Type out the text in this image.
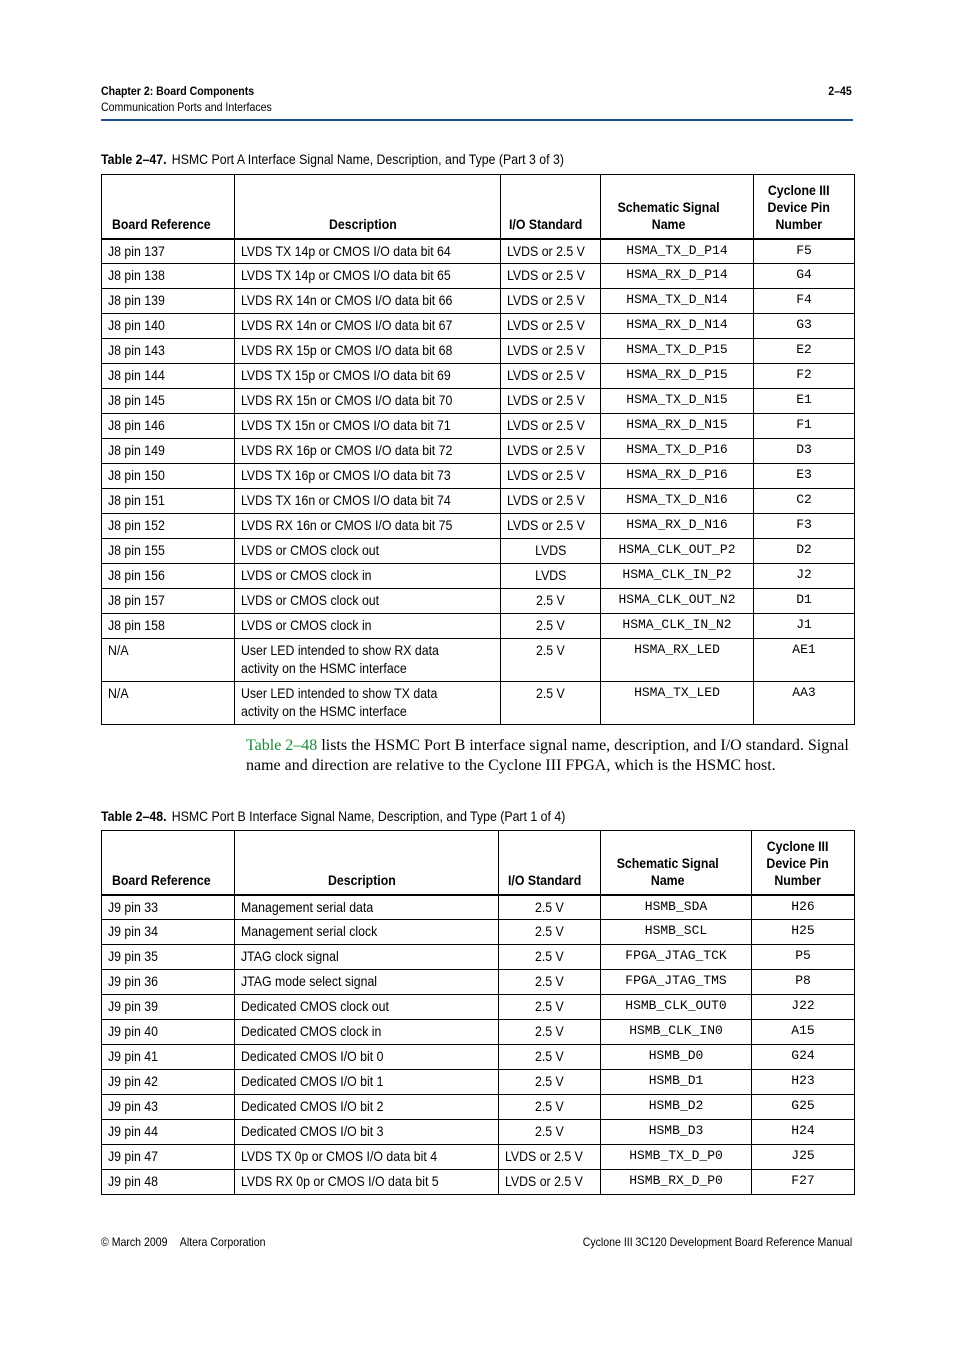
Chapter 2: Board Components
Communication Ports and Interfaces
2–45
Table 2–47. HSMC Port A Interface Signal Name, Description, and Type (Part 3 of 3)
Board Reference	Description	I/O Standard	Schematic Signal Name	Cyclone III Device Pin Number
J8 pin 137	LVDS TX 14p or CMOS I/O data bit 64	LVDS or 2.5 V	HSMA_TX_D_P14	F5
J8 pin 138	LVDS TX 14p or CMOS I/O data bit 65	LVDS or 2.5 V	HSMA_RX_D_P14	G4
J8 pin 139	LVDS RX 14n or CMOS I/O data bit 66	LVDS or 2.5 V	HSMA_TX_D_N14	F4
J8 pin 140	LVDS RX 14n or CMOS I/O data bit 67	LVDS or 2.5 V	HSMA_RX_D_N14	G3
J8 pin 143	LVDS RX 15p or CMOS I/O data bit 68	LVDS or 2.5 V	HSMA_TX_D_P15	E2
J8 pin 144	LVDS TX 15p or CMOS I/O data bit 69	LVDS or 2.5 V	HSMA_RX_D_P15	F2
J8 pin 145	LVDS RX 15n or CMOS I/O data bit 70	LVDS or 2.5 V	HSMA_TX_D_N15	E1
J8 pin 146	LVDS TX 15n or CMOS I/O data bit 71	LVDS or 2.5 V	HSMA_RX_D_N15	F1
J8 pin 149	LVDS RX 16p or CMOS I/O data bit 72	LVDS or 2.5 V	HSMA_TX_D_P16	D3
J8 pin 150	LVDS TX 16p or CMOS I/O data bit 73	LVDS or 2.5 V	HSMA_RX_D_P16	E3
J8 pin 151	LVDS TX 16n or CMOS I/O data bit 74	LVDS or 2.5 V	HSMA_TX_D_N16	C2
J8 pin 152	LVDS RX 16n or CMOS I/O data bit 75	LVDS or 2.5 V	HSMA_RX_D_N16	F3
J8 pin 155	LVDS or CMOS clock out	LVDS	HSMA_CLK_OUT_P2	D2
J8 pin 156	LVDS or CMOS clock in	LVDS	HSMA_CLK_IN_P2	J2
J8 pin 157	LVDS or CMOS clock out	2.5 V	HSMA_CLK_OUT_N2	D1
J8 pin 158	LVDS or CMOS clock in	2.5 V	HSMA_CLK_IN_N2	J1
N/A	User LED intended to show RX data activity on the HSMC interface	2.5 V	HSMA_RX_LED	AE1
N/A	User LED intended to show TX data activity on the HSMC interface	2.5 V	HSMA_TX_LED	AA3
Table 2–48 lists the HSMC Port B interface signal name, description, and I/O standard. Signal name and direction are relative to the Cyclone III FPGA, which is the HSMC host.
Table 2–48. HSMC Port B Interface Signal Name, Description, and Type (Part 1 of 4)
Board Reference	Description	I/O Standard	Schematic Signal Name	Cyclone III Device Pin Number
J9 pin 33	Management serial data	2.5 V	HSMB_SDA	H26
J9 pin 34	Management serial clock	2.5 V	HSMB_SCL	H25
J9 pin 35	JTAG clock signal	2.5 V	FPGA_JTAG_TCK	P5
J9 pin 36	JTAG mode select signal	2.5 V	FPGA_JTAG_TMS	P8
J9 pin 39	Dedicated CMOS clock out	2.5 V	HSMB_CLK_OUT0	J22
J9 pin 40	Dedicated CMOS clock in	2.5 V	HSMB_CLK_IN0	A15
J9 pin 41	Dedicated CMOS I/O bit 0	2.5 V	HSMB_D0	G24
J9 pin 42	Dedicated CMOS I/O bit 1	2.5 V	HSMB_D1	H23
J9 pin 43	Dedicated CMOS I/O bit 2	2.5 V	HSMB_D2	G25
J9 pin 44	Dedicated CMOS I/O bit 3	2.5 V	HSMB_D3	H24
J9 pin 47	LVDS TX 0p or CMOS I/O data bit 4	LVDS or 2.5 V	HSMB_TX_D_P0	J25
J9 pin 48	LVDS RX 0p or CMOS I/O data bit 5	LVDS or 2.5 V	HSMB_RX_D_P0	F27
© March 2009 Altera Corporation	Cyclone III 3C120 Development Board Reference Manual
